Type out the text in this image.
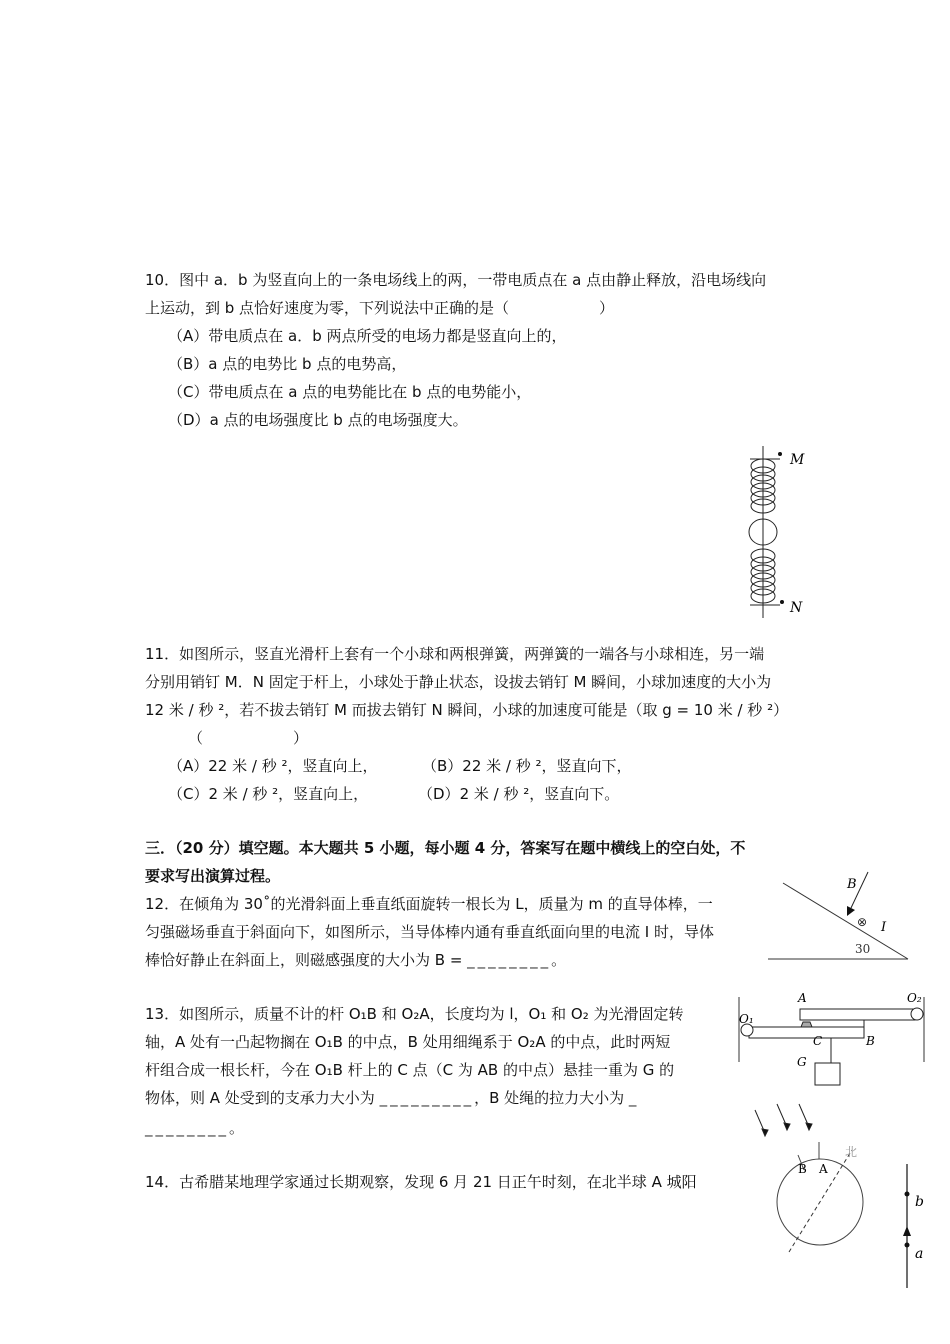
10．图中 a．b 为竖直向上的一条电场线上的两，一带电质点在 a 点由静止释放，沿电场线向
上运动，到 b 点恰好速度为零，下列说法中正确的是（　　　　　　）
（A）带电质点在 a．b 两点所受的电场力都是竖直向上的，
（B）a 点的电势比 b 点的电势高，
（C）带电质点在 a 点的电势能比在 b 点的电势能小，
（D）a 点的电场强度比 b 点的电场强度大。
M
N
11．如图所示，竖直光滑杆上套有一个小球和两根弹簧，两弹簧的一端各与小球相连，另一端
分别用销钉 M．N 固定于杆上，小球处于静止状态，设拔去销钉 M 瞬间，小球加速度的大小为
12 米 / 秒 ²，若不拔去销钉 M 而拔去销钉 N 瞬间，小球的加速度可能是（取 g = 10 米 / 秒 ²）
（　　　　　　）
（A）22 米 / 秒 ²，竖直向上，	（B）22 米 / 秒 ²，竖直向下，
（C）2 米 / 秒 ²，竖直向上，	（D）2 米 / 秒 ²，竖直向下。
三．（20 分）填空题。本大题共 5 小题，每小题 4 分，答案写在题中横线上的空白处，不
要求写出演算过程。
12．在倾角为 30˚的光滑斜面上垂直纸面旋转一根长为 L，质量为 m 的直导体棒，一
匀强磁场垂直于斜面向下，如图所示，当导体棒内通有垂直纸面向里的电流 I 时，导体
棒恰好静止在斜面上，则磁感强度的大小为 B = ________。
B
⊗ I
30
13．如图所示，质量不计的杆 O₁B 和 O₂A，长度均为 l，O₁ 和 O₂ 为光滑固定转
轴，A 处有一凸起物搁在 O₁B 的中点，B 处用细绳系于 O₂A 的中点，此时两短
杆组合成一根长杆，今在 O₁B 杆上的 C 点（C 为 AB 的中点）悬挂一重为 G 的
物体，则 A 处受到的支承力大小为 _________，B 处绳的拉力大小为 _
________。
A	O₂
O₁
B
C
G
14．古希腊某地理学家通过长期观察，发现 6 月 21 日正午时刻，在北半球 A 城阳
B A
北
b
a
